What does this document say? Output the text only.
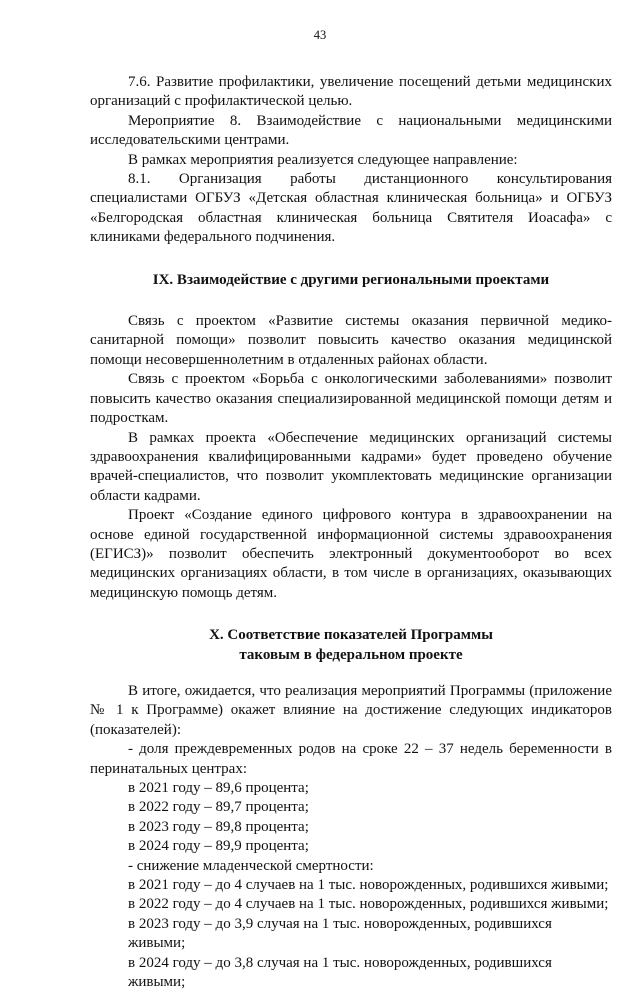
43

7.6. Развитие профилактики, увеличение посещений детьми медицинских организаций с профилактической целью.

Мероприятие 8. Взаимодействие с национальными медицинскими исследовательскими центрами.

В рамках мероприятия реализуется следующее направление:

8.1. Организация работы дистанционного консультирования специалистами ОГБУЗ «Детская областная клиническая больница» и ОГБУЗ «Белгородская областная клиническая больница Святителя Иоасафа» с клиниками федерального подчинения.

IX. Взаимодействие с другими региональными проектами

Связь с проектом «Развитие системы оказания первичной медико-санитарной помощи» позволит повысить качество оказания медицинской помощи несовершеннолетним в отдаленных районах области.

Связь с проектом «Борьба с онкологическими заболеваниями» позволит повысить качество оказания специализированной медицинской помощи детям и подросткам.

В рамках проекта «Обеспечение медицинских организаций системы здравоохранения квалифицированными кадрами» будет проведено обучение врачей-специалистов, что позволит укомплектовать медицинские организации области кадрами.

Проект «Создание единого цифрового контура в здравоохранении на основе единой государственной информационной системы здравоохранения (ЕГИСЗ)» позволит обеспечить электронный документооборот во всех медицинских организациях области, в том числе в организациях, оказывающих медицинскую помощь детям.

X. Соответствие показателей Программы

таковым в федеральном проекте

В итоге, ожидается, что реализация мероприятий Программы (приложение № 1 к Программе) окажет влияние на достижение следующих индикаторов (показателей):

- доля преждевременных родов на сроке 22 – 37 недель беременности в перинатальных центрах:

в 2021 году – 89,6 процента;

в 2022 году – 89,7 процента;

в 2023 году – 89,8 процента;

в 2024 году – 89,9 процента;

- снижение младенческой смертности:

в 2021 году – до 4 случаев на 1 тыс. новорожденных, родившихся живыми;

в 2022 году – до 4 случаев на 1 тыс. новорожденных, родившихся живыми;

в 2023 году – до 3,9 случая на 1 тыс. новорожденных, родившихся живыми;

в 2024 году – до 3,8 случая на 1 тыс. новорожденных, родившихся живыми;
